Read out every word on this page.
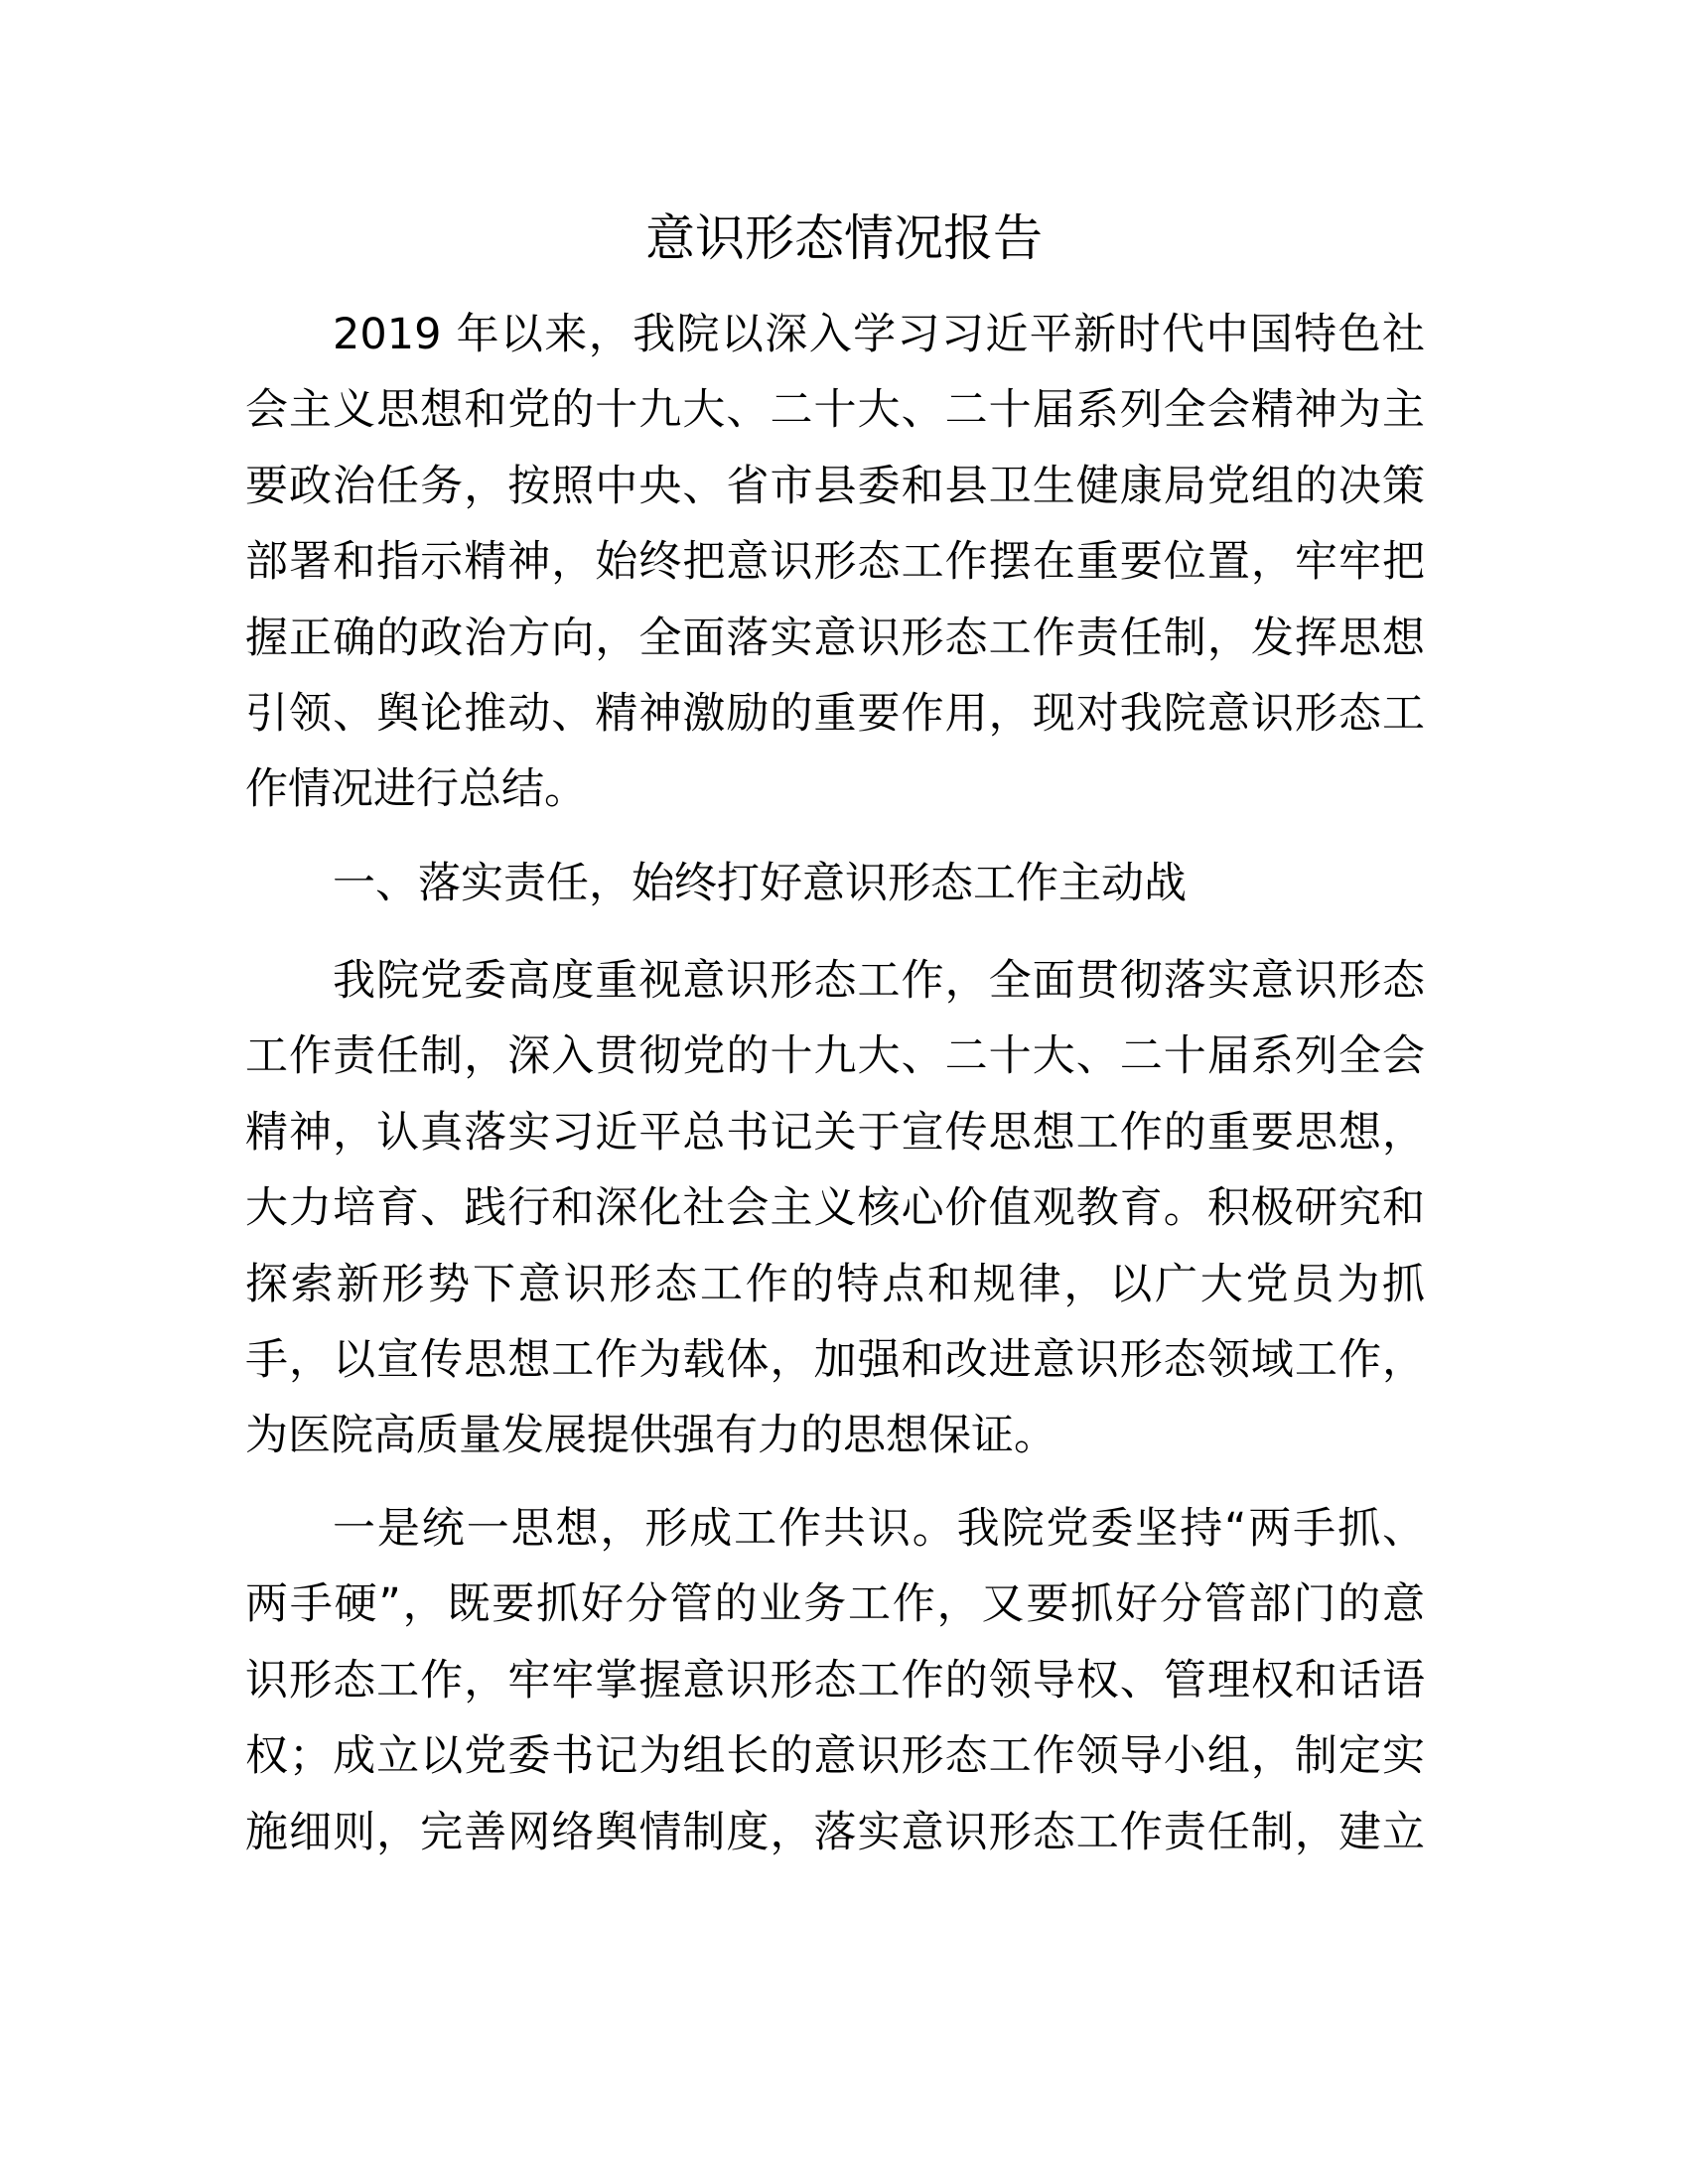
意识形态情况报告
2019 年以来，我院以深入学习习近平新时代中国特色社
会主义思想和党的十九大、二十大、二十届系列全会精神为主
要政治任务，按照中央、省市县委和县卫生健康局党组的决策
部署和指示精神，始终把意识形态工作摆在重要位置，牢牢把
握正确的政治方向，全面落实意识形态工作责任制，发挥思想
引领、舆论推动、精神激励的重要作用，现对我院意识形态工
作情况进行总结。
一、落实责任，始终打好意识形态工作主动战
我院党委高度重视意识形态工作，全面贯彻落实意识形态
工作责任制，深入贯彻党的十九大、二十大、二十届系列全会
精神，认真落实习近平总书记关于宣传思想工作的重要思想，
大力培育、践行和深化社会主义核心价值观教育。积极研究和
探索新形势下意识形态工作的特点和规律，以广大党员为抓
手，以宣传思想工作为载体，加强和改进意识形态领域工作，
为医院高质量发展提供强有力的思想保证。
一是统一思想，形成工作共识。我院党委坚持“两手抓、
两手硬”，既要抓好分管的业务工作，又要抓好分管部门的意
识形态工作，牢牢掌握意识形态工作的领导权、管理权和话语
权；成立以党委书记为组长的意识形态工作领导小组，制定实
施细则，完善网络舆情制度，落实意识形态工作责任制，建立
